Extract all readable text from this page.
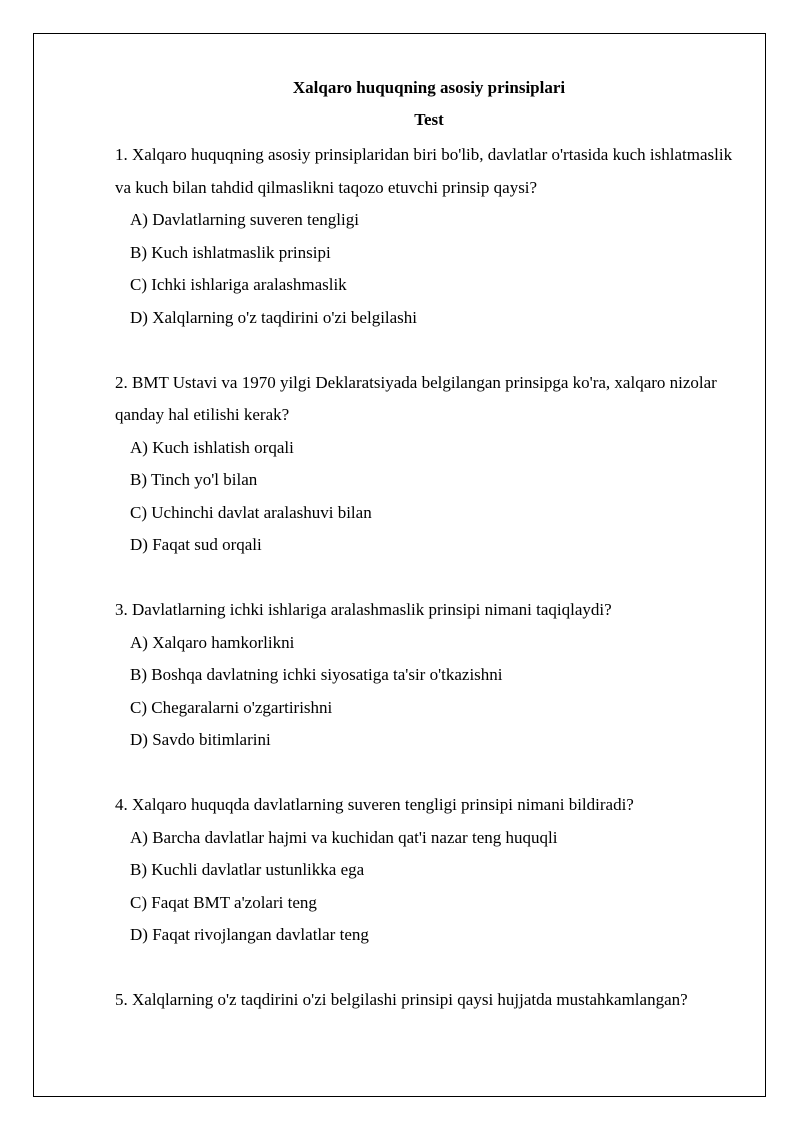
Xalqaro huquqning asosiy prinsiplari

Test

1. Xalqaro huquqning asosiy prinsiplaridan biri bo'lib, davlatlar o'rtasida kuch ishlatmaslik va kuch bilan tahdid qilmaslikni taqozo etuvchi prinsip qaysi?

A) Davlatlarning suveren tengligi

B) Kuch ishlatmaslik prinsipi

C) Ichki ishlariga aralashmaslik

D) Xalqlarning o'z taqdirini o'zi belgilashi

2. BMT Ustavi va 1970 yilgi Deklaratsiyada belgilangan prinsipga ko'ra, xalqaro nizolar qanday hal etilishi kerak?

A) Kuch ishlatish orqali

B) Tinch yo'l bilan

C) Uchinchi davlat aralashuvi bilan

D) Faqat sud orqali

3. Davlatlarning ichki ishlariga aralashmaslik prinsipi nimani taqiqlaydi?

A) Xalqaro hamkorlikni

B) Boshqa davlatning ichki siyosatiga ta'sir o'tkazishni

C) Chegaralarni o'zgartirishni

D) Savdo bitimlarini

4. Xalqaro huquqda davlatlarning suveren tengligi prinsipi nimani bildiradi?

A) Barcha davlatlar hajmi va kuchidan qat'i nazar teng huquqli

B) Kuchli davlatlar ustunlikka ega

C) Faqat BMT a'zolari teng

D) Faqat rivojlangan davlatlar teng

5. Xalqlarning o'z taqdirini o'zi belgilashi prinsipi qaysi hujjatda mustahkamlangan?
